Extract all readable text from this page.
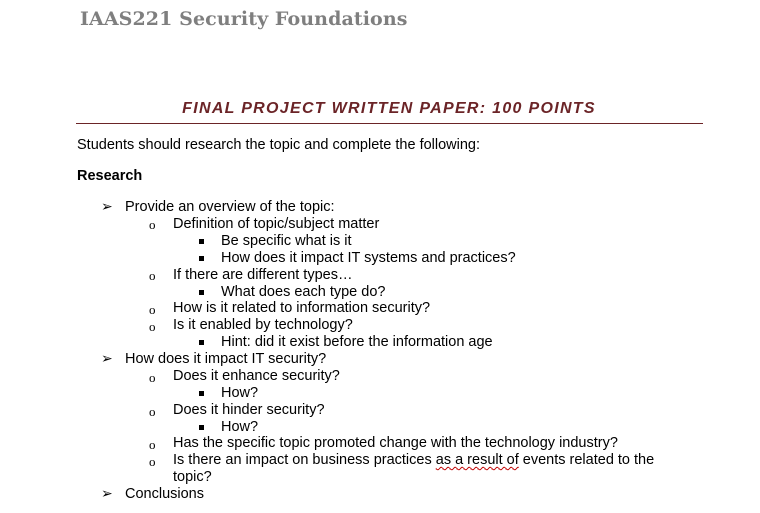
IAAS221 Security Foundations
FINAL PROJECT WRITTEN PAPER: 100 POINTS
Students should research the topic and complete the following:
Research
➢ Provide an overview of the topic:
o Definition of topic/subject matter
Be specific what is it
How does it impact IT systems and practices?
o If there are different types…
What does each type do?
o How is it related to information security?
o Is it enabled by technology?
Hint: did it exist before the information age
➢ How does it impact IT security?
o Does it enhance security?
How?
o Does it hinder security?
How?
o Has the specific topic promoted change with the technology industry?
o Is there an impact on business practices as a result of events related to the
topic?
➢ Conclusions
